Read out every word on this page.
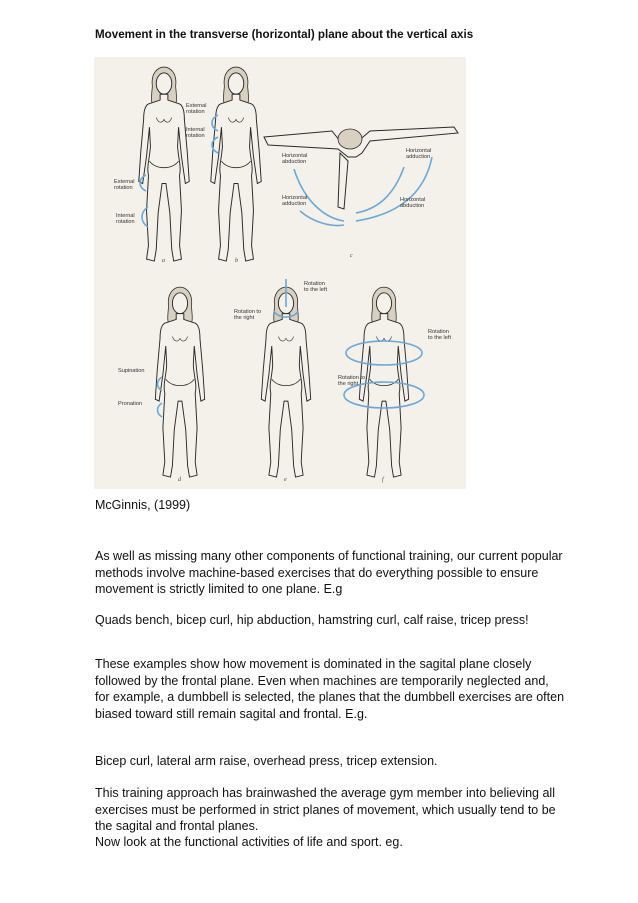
Movement in the transverse (horizontal) plane about the vertical axis
External rotation
Internal rotation
a
External rotation
Internal rotation
b
Horizontal abduction
Horizontal adduction
Horizontal adduction
Horizontal abduction
c
Supination
Pronation
d
Rotation to the right
Rotation to the left
e
Rotation to the left
Rotation to the right
f
McGinnis, (1999)

As well as missing many other components of functional training, our current popular methods involve machine-based exercises that do everything possible to ensure movement is strictly limited to one plane. E.g

Quads bench, bicep curl, hip abduction, hamstring curl, calf raise, tricep press!

These examples show how movement is dominated in the sagital plane closely followed by the frontal plane. Even when machines are temporarily neglected and, for example, a dumbbell is selected, the planes that the dumbbell exercises are often biased toward still remain sagital and frontal. E.g.

Bicep curl, lateral arm raise, overhead press, tricep extension.

This training approach has brainwashed the average gym member into believing all exercises must be performed in strict planes of movement, which usually tend to be the sagital and frontal planes.

Now look at the functional activities of life and sport. eg.
